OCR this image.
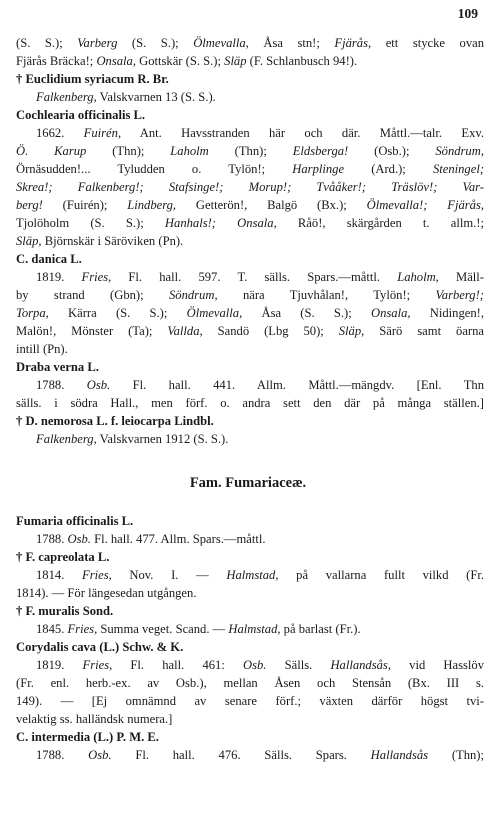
109
(S. S.); Varberg (S. S.); Ölmevalla, Åsa stn!; Fjärås, ett stycke ovan
Fjärås Bräcka!; Onsala, Gottskär (S. S.); Släp (F. Schlanbusch 94!).
† Euclidium syriacum R. Br.
Falkenberg, Valskvarnen 13 (S. S.).
Cochlearia officinalis L.
1662. Fuirén, Ant. Havsstranden här och där. Måttl.—talr. Exv.
Ö. Karup (Thn); Laholm (Thn); Eldsberga! (Osb.); Söndrum,
Örnäsudden!... Tyludden o. Tylön!; Harplinge (Ard.); Steningel;
Skrea!; Falkenberg!; Stafsinge!; Morup!; Tvååker!; Träslöv!; Var-
berg! (Fuirén); Lindberg, Getterön!, Balgö (Bx.); Ölmevalla!; Fjärås,
Tjolöholm (S. S.); Hanhals!; Onsala, Råö!, skärgården t. allm.!;
Släp, Björnskär i Säröviken (Pn).
C. danica L.
1819. Fries, Fl. hall. 597. T. sälls. Spars.—måttl. Laholm, Mäll-
by strand (Gbn); Söndrum, nära Tjuvhålan!, Tylön!; Varberg!;
Torpa, Kärra (S. S.); Ölmevalla, Åsa (S. S.); Onsala, Nidingen!,
Malön!, Mönster (Ta); Vallda, Sandö (Lbg 50); Släp, Särö samt öarna
intill (Pn).
Draba verna L.
1788. Osb. Fl. hall. 441. Allm. Måttl.—mängdv. [Enl. Thn
sälls. i södra Hall., men förf. o. andra sett den där på många ställen.]
† D. nemorosa L. f. leiocarpa Lindbl.
Falkenberg, Valskvarnen 1912 (S. S.).
Fam. Fumariaceæ.
Fumaria officinalis L.
1788. Osb. Fl. hall. 477. Allm. Spars.—måttl.
† F. capreolata L.
1814. Fries, Nov. I. — Halmstad, på vallarna fullt vilkd (Fr.
1814). — För längesedan utgången.
† F. muralis Sond.
1845. Fries, Summa veget. Scand. — Halmstad, på barlast (Fr.).
Corydalis cava (L.) Schw. & K.
1819. Fries, Fl. hall. 461: Osb. Sälls. Hallandsås, vid Hasslöv
(Fr. enl. herb.-ex. av Osb.), mellan Åsen och Stensån (Bx. III s.
149). — [Ej omnämnd av senare förf.; växten därför högst tvi-
velaktig ss. halländsk numera.]
C. intermedia (L.) P. M. E.
1788. Osb. Fl. hall. 476. Sälls. Spars. Hallandsås (Thn);
